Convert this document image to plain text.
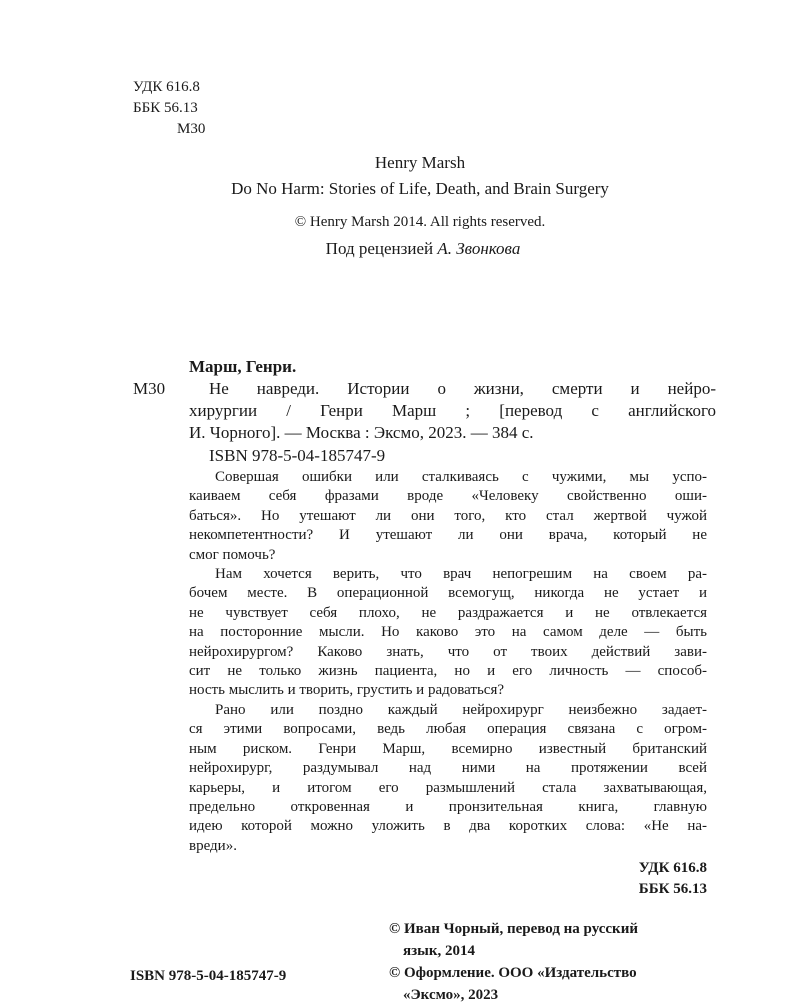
УДК 616.8
ББК 56.13
М30
Henry Marsh
Do No Harm: Stories of Life, Death, and Brain Surgery
© Henry Marsh 2014. All rights reserved.
Под рецензией А. Звонкова
Марш, Генри.
М30	Не навреди. Истории о жизни, смерти и нейро-
хирургии / Генри Марш ; [перевод с английского
И. Чорного]. — Москва : Эксмо, 2023. — 384 с.
ISBN 978-5-04-185747-9
Совершая ошибки или сталкиваясь с чужими, мы успо-
каиваем себя фразами вроде «Человеку свойственно оши-
баться». Но утешают ли они того, кто стал жертвой чужой
некомпетентности? И утешают ли они врача, который не
смог помочь?
Нам хочется верить, что врач непогрешим на своем ра-
бочем месте. В операционной всемогущ, никогда не устает и
не чувствует себя плохо, не раздражается и не отвлекается
на посторонние мысли. Но каково это на самом деле — быть
нейрохирургом? Каково знать, что от твоих действий зави-
сит не только жизнь пациента, но и его личность — способ-
ность мыслить и творить, грустить и радоваться?
Рано или поздно каждый нейрохирург неизбежно задает-
ся этими вопросами, ведь любая операция связана с огром-
ным риском. Генри Марш, всемирно известный британский
нейрохирург, раздумывал над ними на протяжении всей
карьеры, и итогом его размышлений стала захватывающая,
предельно откровенная и пронзительная книга, главную
идею которой можно уложить в два коротких слова: «Не на-
вреди».
УДК 616.8
ББК 56.13
ISBN 978-5-04-185747-9
© Иван Чорный, перевод на русский
язык, 2014
© Оформление. ООО «Издательство
«Эксмо», 2023
